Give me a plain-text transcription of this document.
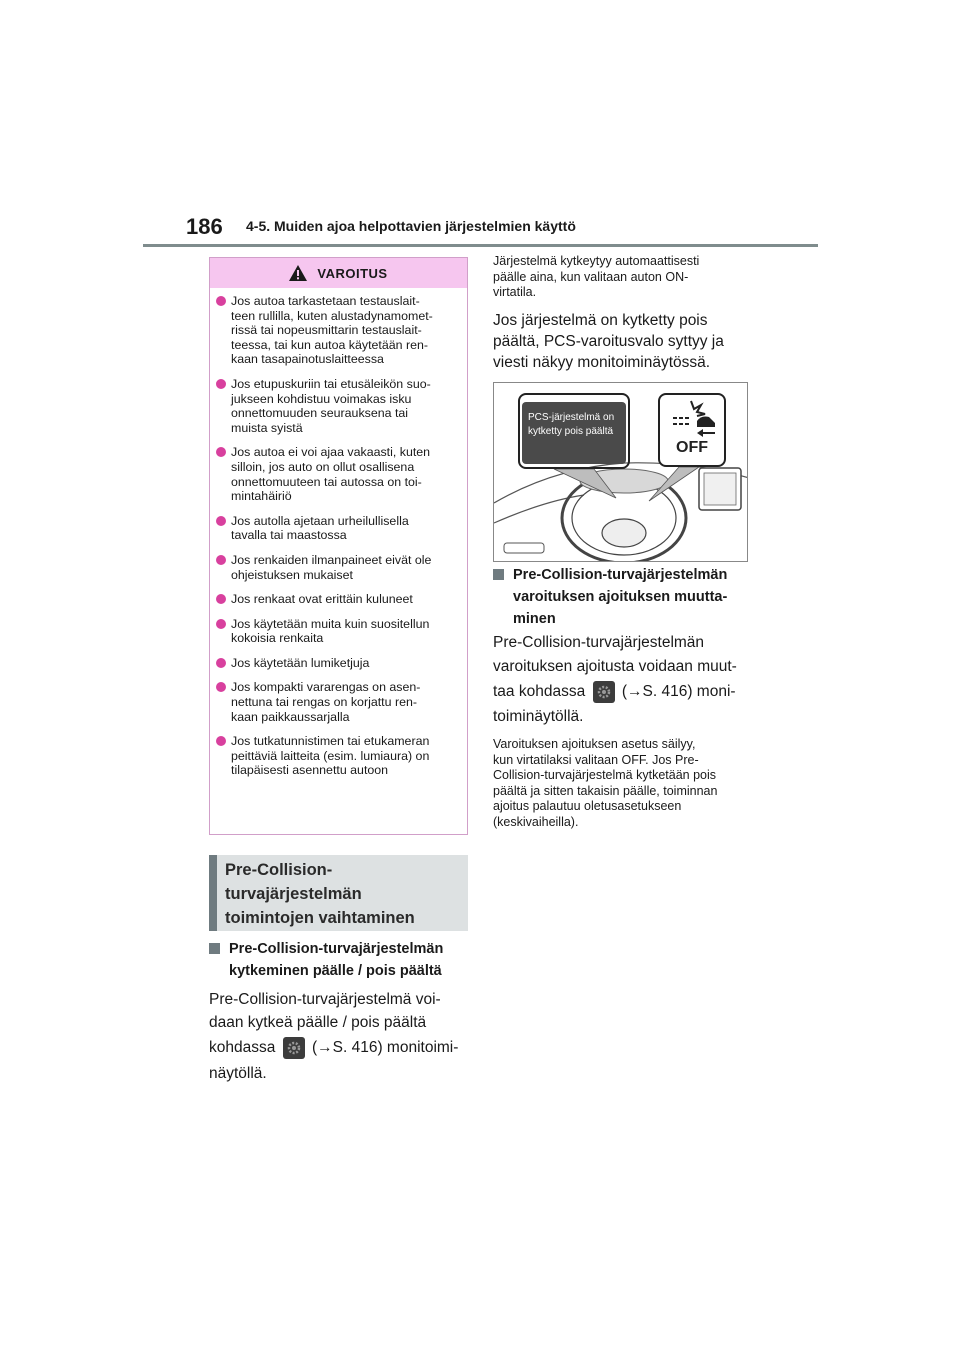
186 4-5. Muiden ajoa helpottavien järjestelmien käyttö
VAROITUS
Jos autoa tarkastetaan testauslait-
teen rullilla, kuten alustadynamomet-
rissä tai nopeusmittarin testauslait-
teessa, tai kun autoa käytetään ren-
kaan tasapainotuslaitteessa
Jos etupuskuriin tai etusäleikön suo-
jukseen kohdistuu voimakas isku
onnettomuuden seurauksena tai
muista syistä
Jos autoa ei voi ajaa vakaasti, kuten
silloin, jos auto on ollut osallisena
onnettomuuteen tai autossa on toi-
mintahäiriö
Jos autolla ajetaan urheilullisella
tavalla tai maastossa
Jos renkaiden ilmanpaineet eivät ole
ohjeistuksen mukaiset
Jos renkaat ovat erittäin kuluneet
Jos käytetään muita kuin suositellun
kokoisia renkaita
Jos käytetään lumiketjuja
Jos kompakti vararengas on asen-
nettuna tai rengas on korjattu ren-
kaan paikkaussarjalla
Jos tutkatunnistimen tai etukameran
peittäviä laitteita (esim. lumiaura) on
tilapäisesti asennettu autoon
Pre-Collision-
turvajärjestelmän
toimintojen vaihtaminen
Pre-Collision-turvajärjestelmän
kytkeminen päälle / pois päältä
Pre-Collision-turvajärjestelmä voi-
daan kytkeä päälle / pois päältä
kohdassa (→S. 416) monitoimi-
näytöllä.
Järjestelmä kytkeytyy automaattisesti
päälle aina, kun valitaan auton ON-
virtatila.
Jos järjestelmä on kytketty pois
päältä, PCS-varoitusvalo syttyy ja
viesti näkyy monitoiminäytössä.
PCS-järjestelmä on
kytketty pois päältä
OFF
Pre-Collision-turvajärjestelmän
varoituksen ajoituksen muutta-
minen
Pre-Collision-turvajärjestelmän
varoituksen ajoitusta voidaan muut-
taa kohdassa (→S. 416) moni-
toiminäytöllä.
Varoituksen ajoituksen asetus säilyy,
kun virtatilaksi valitaan OFF. Jos Pre-
Collision-turvajärjestelmä kytketään pois
päältä ja sitten takaisin päälle, toiminnan
ajoitus palautuu oletusasetukseen
(keskivaiheilla).
